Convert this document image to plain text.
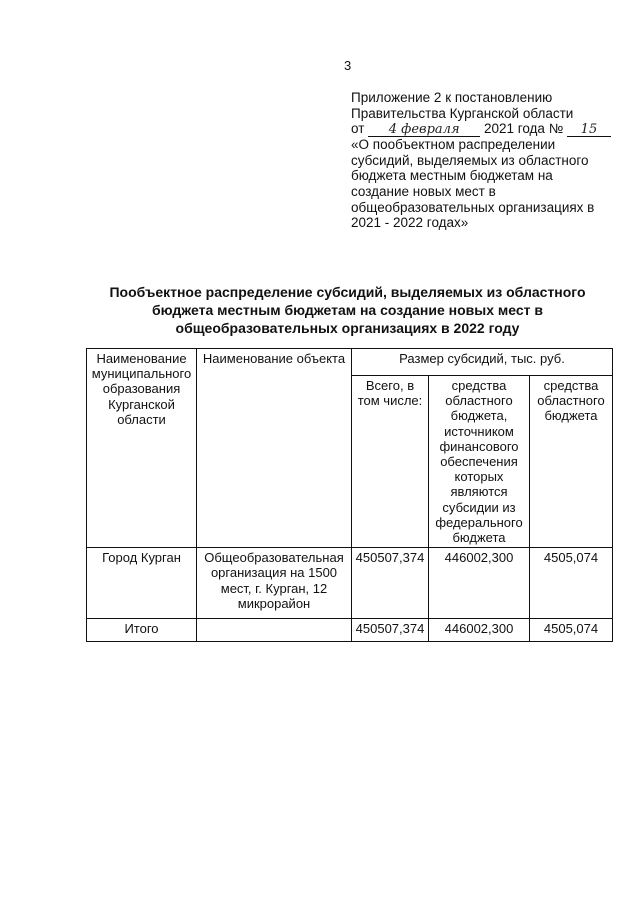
3
Приложение 2 к постановлению
Правительства Курганской области
от 4 февраля 2021 года № 15
«О пообъектном распределении
субсидий, выделяемых из областного
бюджета местным бюджетам на
создание новых мест в
общеобразовательных организациях в
2021 - 2022 годах»
Пообъектное распределение субсидий, выделяемых из областного
бюджета местным бюджетам на создание новых мест в
общеобразовательных организациях в 2022 году
Наименование муниципального образования Курганской области	Наименование объекта	Размер субсидий, тыс. руб.		
		Всего, в том числе:	средства областного бюджета, источником финансового обеспечения которых являются субсидии из федерального бюджета	средства областного бюджета
Город Курган	Общеобразовательная организация на 1500 мест, г. Курган, 12 микрорайон	450507,374	446002,300	4505,074
Итого		450507,374	446002,300	4505,074
